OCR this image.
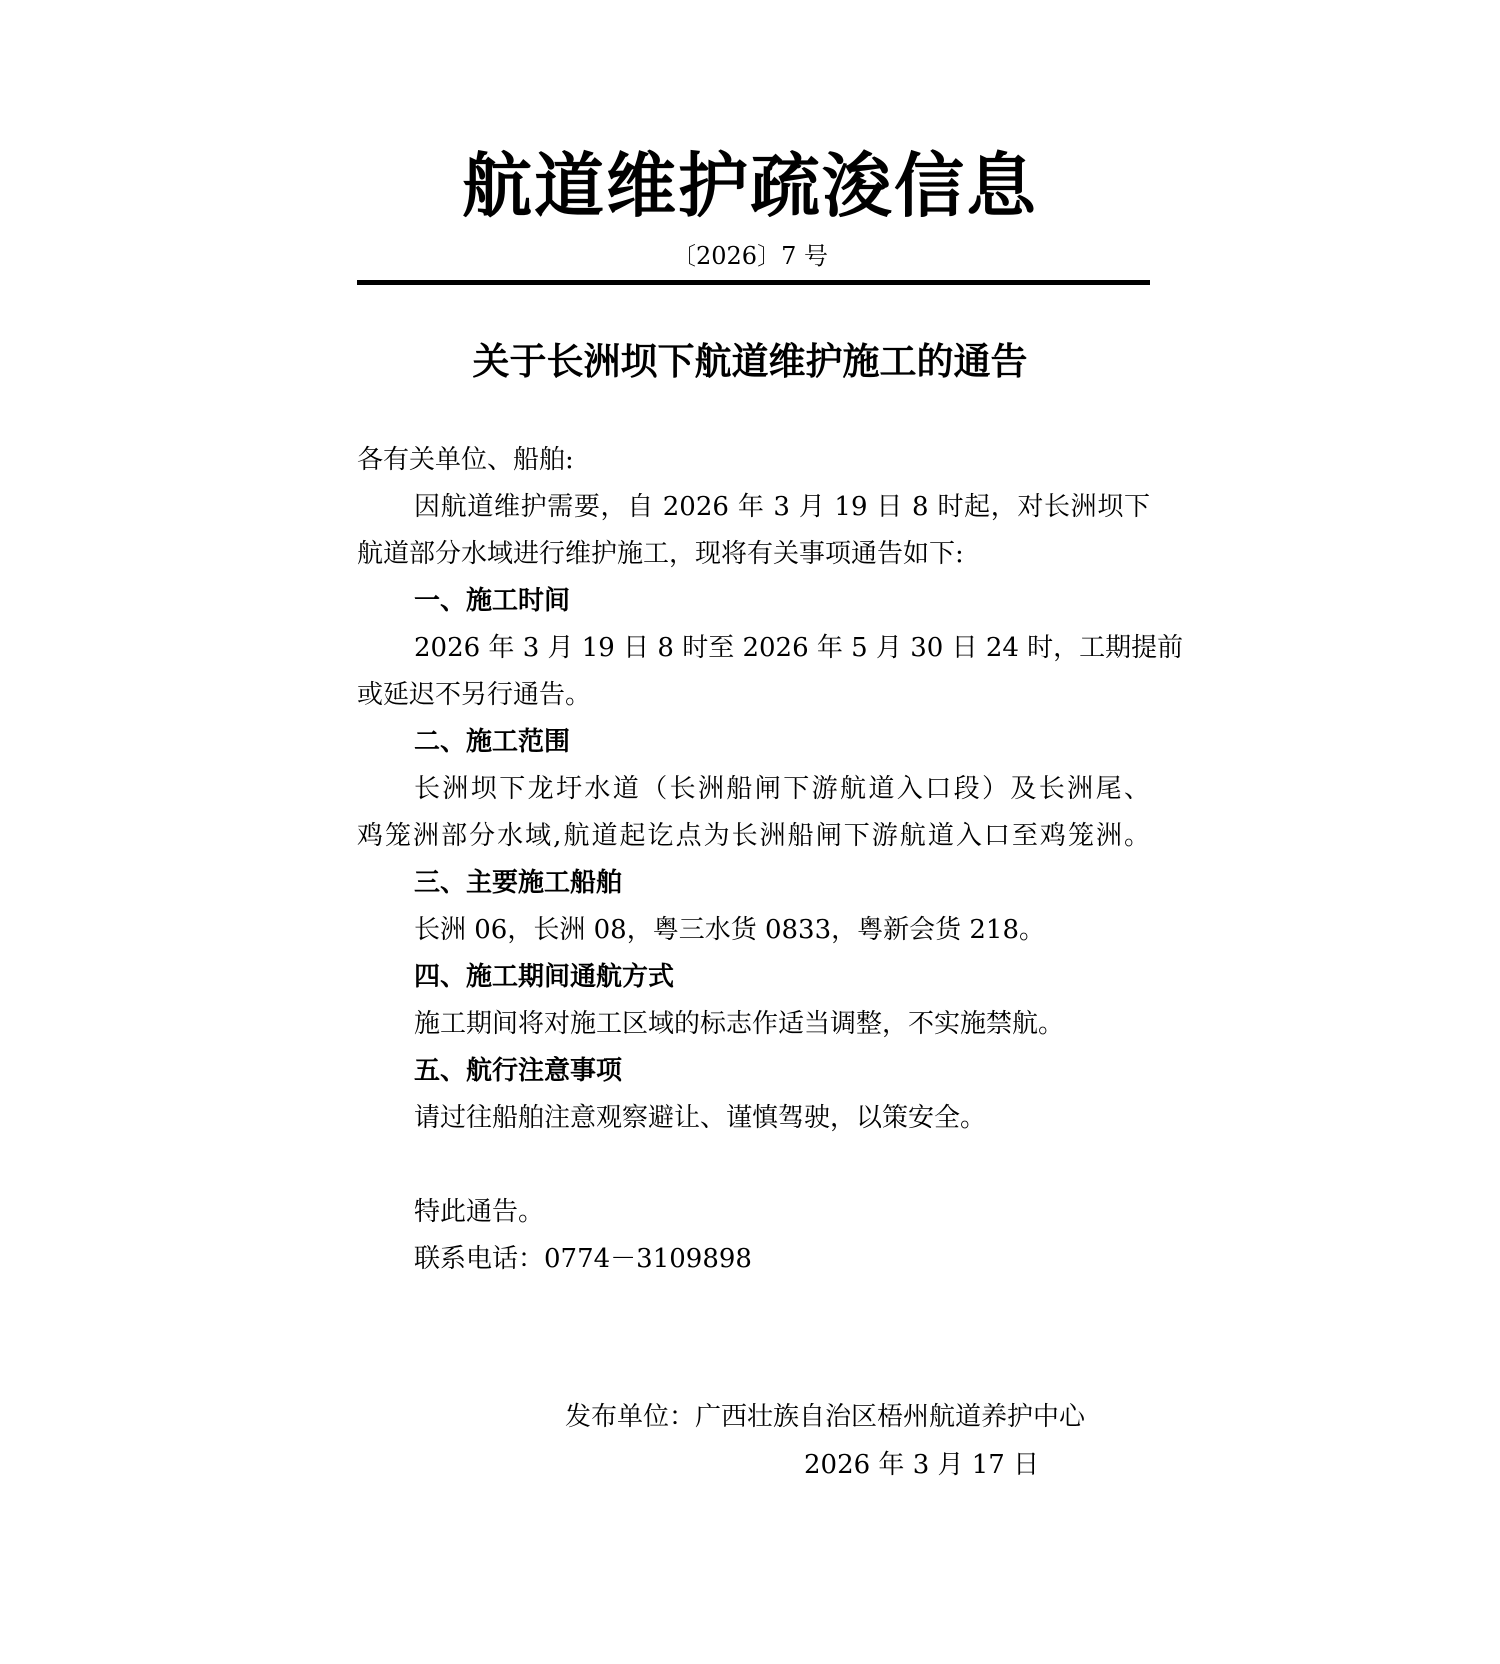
航道维护疏浚信息
〔2026〕7 号
关于长洲坝下航道维护施工的通告
各有关单位、船舶:
因航道维护需要，自 2026 年 3 月 19 日 8 时起，对长洲坝下
航道部分水域进行维护施工，现将有关事项通告如下:
一、施工时间
2026 年 3 月 19 日 8 时至 2026 年 5 月 30 日 24 时，工期提前
或延迟不另行通告。
二、施工范围
长洲坝下龙圩水道（长洲船闸下游航道入口段）及长洲尾、
鸡笼洲部分水域,航道起讫点为长洲船闸下游航道入口至鸡笼洲。
三、主要施工船舶
长洲 06，长洲 08，粤三水货 0833，粤新会货 218。
四、施工期间通航方式
施工期间将对施工区域的标志作适当调整，不实施禁航。
五、航行注意事项
请过往船舶注意观察避让、谨慎驾驶，以策安全。
特此通告。
联系电话：0774－3109898
发布单位：广西壮族自治区梧州航道养护中心
2026 年 3 月 17 日
